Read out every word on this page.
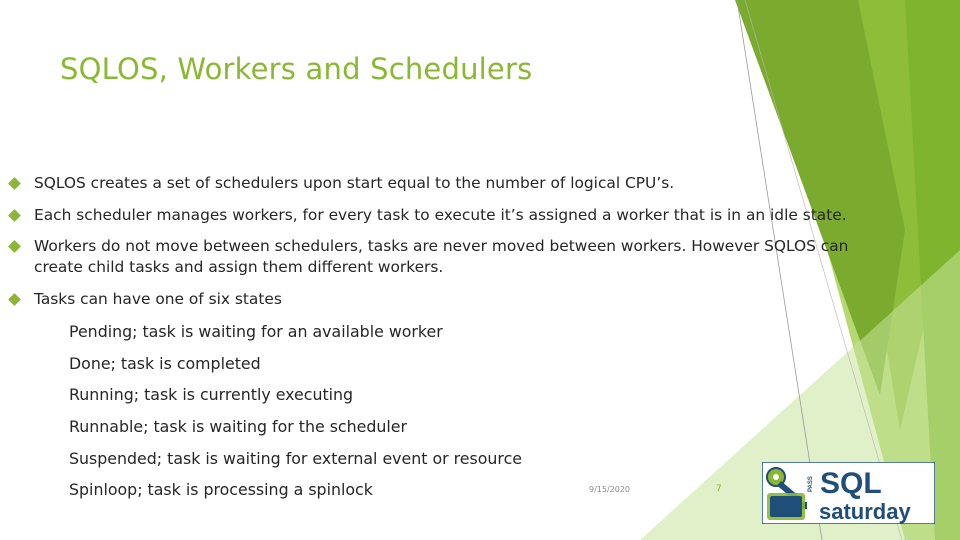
SQLOS, Workers and Schedulers
SQLOS creates a set of schedulers upon start equal to the number of logical CPU’s.
Each scheduler manages workers, for every task to execute it’s assigned a worker that is in an idle state.
Workers do not move between schedulers, tasks are never moved between workers. However SQLOS can create child tasks and assign them different workers.
Tasks can have one of six states
Pending; task is waiting for an available worker
Done; task is completed
Running; task is currently executing
Runnable; task is waiting for the scheduler
Suspended; task is waiting for external event or resource
Spinloop; task is processing a spinlock	9/15/2020	7	PASS SQL
saturday
